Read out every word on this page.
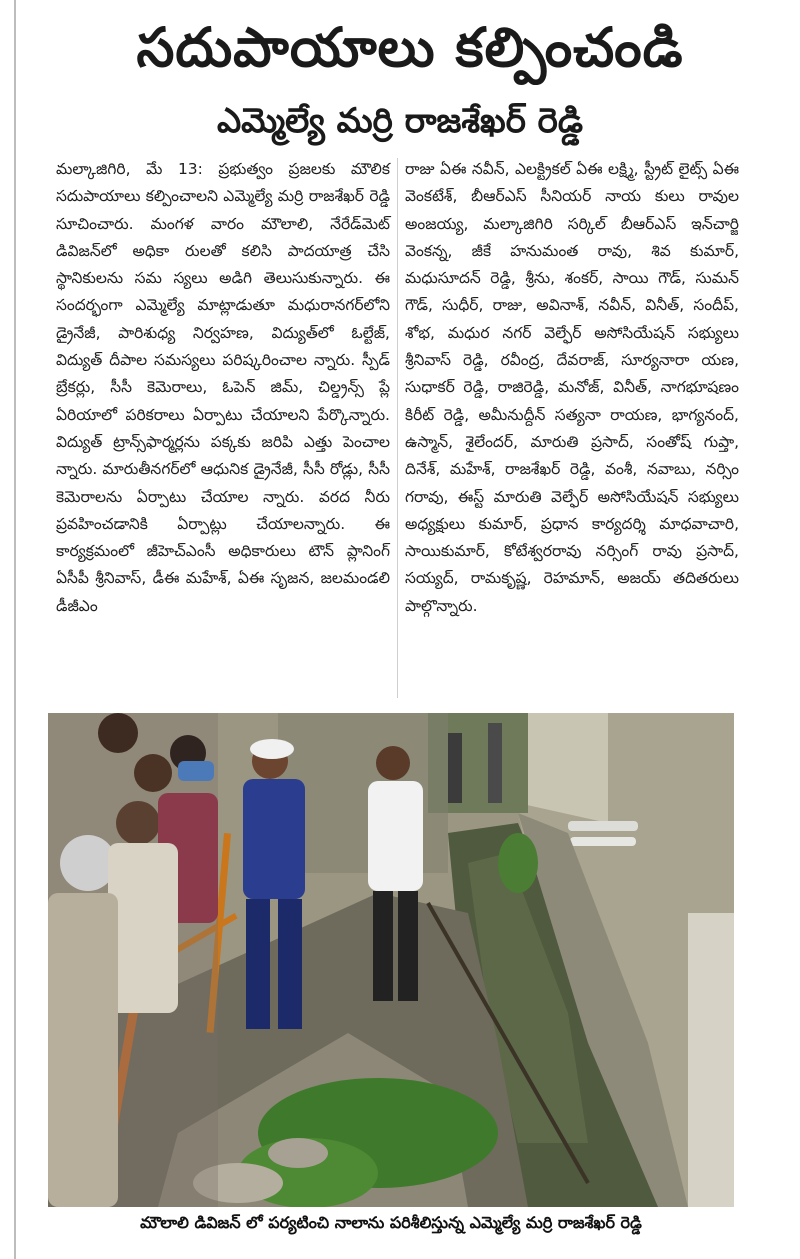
సదుపాయాలు కల్పించండి
ఎమ్మెల్యే మర్రి రాజశేఖర్ రెడ్డి
మల్కాజిగిరి, మే 13: ప్రభుత్వం ప్రజలకు మౌలిక సదుపాయాలు కల్పించాలని ఎమ్మెల్యే మర్రి రాజశేఖర్ రెడ్డి సూచించారు. మంగళ వారం మౌలాలి, నేరేడ్‌మెట్ డివిజన్‌లో అధికా రులతో కలిసి పాదయాత్ర చేసి స్థానికులను సమ స్యలు అడిగి తెలుసుకున్నారు. ఈ సందర్భంగా ఎమ్మెల్యే మాట్లాడుతూ మధురానగర్‌లోని డ్రైనేజీ, పారిశుధ్య నిర్వహణ, విద్యుత్‌లో ఓల్టేజ్, విద్యుత్ దీపాల సమస్యలు పరిష్కరించాల న్నారు. స్పీడ్ బ్రేకర్లు, సీసీ కెమెరాలు, ఓపెన్ జిమ్, చిల్డ్రన్స్ ప్లే ఏరియాలో పరికరాలు ఏర్పాటు చేయాలని పేర్కొన్నారు. విద్యుత్ ట్రాన్స్‌ఫార్మర్లను పక్కకు జరిపి ఎత్తు పెంచాల న్నారు. మారుతీనగర్‌లో ఆధునిక డ్రైనేజీ, సీసీ రోడ్లు, సీసీ కెమెరాలను ఏర్పాటు చేయాల న్నారు. వరద నీరు ప్రవహించడానికి ఏర్పాట్లు చేయాలన్నారు. ఈ కార్యక్రమంలో జీహెచ్ఎంసీ అధికారులు టౌన్ ప్లానింగ్ ఏసీపీ శ్రీనివాస్, డీఈ మహేశ్, ఏఈ సృజన, జలమండలి డీజీఎం
రాజు ఏఈ నవీన్, ఎలక్ట్రికల్ ఏఈ లక్ష్మి, స్ట్రీట్ లైట్స్ ఏఈ వెంకటేశ్, బీఆర్ఎస్ సీనియర్ నాయ కులు రావుల అంజయ్య, మల్కాజిగిరి సర్కిల్ బీఆర్ఎస్ ఇన్‌చార్జి వెంకన్న, జీకే హనుమంత రావు, శివ కుమార్, మధుసూదన్ రెడ్డి, శ్రీను, శంకర్, సాయి గౌడ్, సుమన్ గౌడ్, సుధీర్, రాజు, అవినాశ్, నవీన్, వినీత్, సందీప్, శోభ, మధుర నగర్ వెల్ఫేర్ అసోసియేషన్ సభ్యులు శ్రీనివాస్ రెడ్డి, రవీంద్ర, దేవరాజ్, సూర్యనారా యణ, సుధాకర్ రెడ్డి, రాజిరెడ్డి, మనోజ్, వినీత్, నాగభూషణం కిరీట్ రెడ్డి, అమీనుద్దీన్ సత్యనా రాయణ, భాగ్యనంద్, ఉస్మాన్, శైలేందర్, మారుతి ప్రసాద్, సంతోష్ గుప్తా, దినేశ్, మహేశ్, రాజశేఖర్ రెడ్డి, వంశీ, నవాబు, నర్సిం గరావు, ఈస్ట్ మారుతి వెల్ఫేర్ అసోసియేషన్ సభ్యులు అధ్యక్షులు కుమార్, ప్రధాన కార్యదర్శి మాధవాచారి, సాయికుమార్, కోటేశ్వరరావు నర్సింగ్ రావు ప్రసాద్, సయ్యద్, రామకృష్ణ, రెహమాన్, అజయ్ తదితరులు పాల్గొన్నారు.
మౌలాలి డివిజన్ లో పర్యటించి నాలాను పరిశీలిస్తున్న ఎమ్మెల్యే మర్రి రాజశేఖర్ రెడ్డి
